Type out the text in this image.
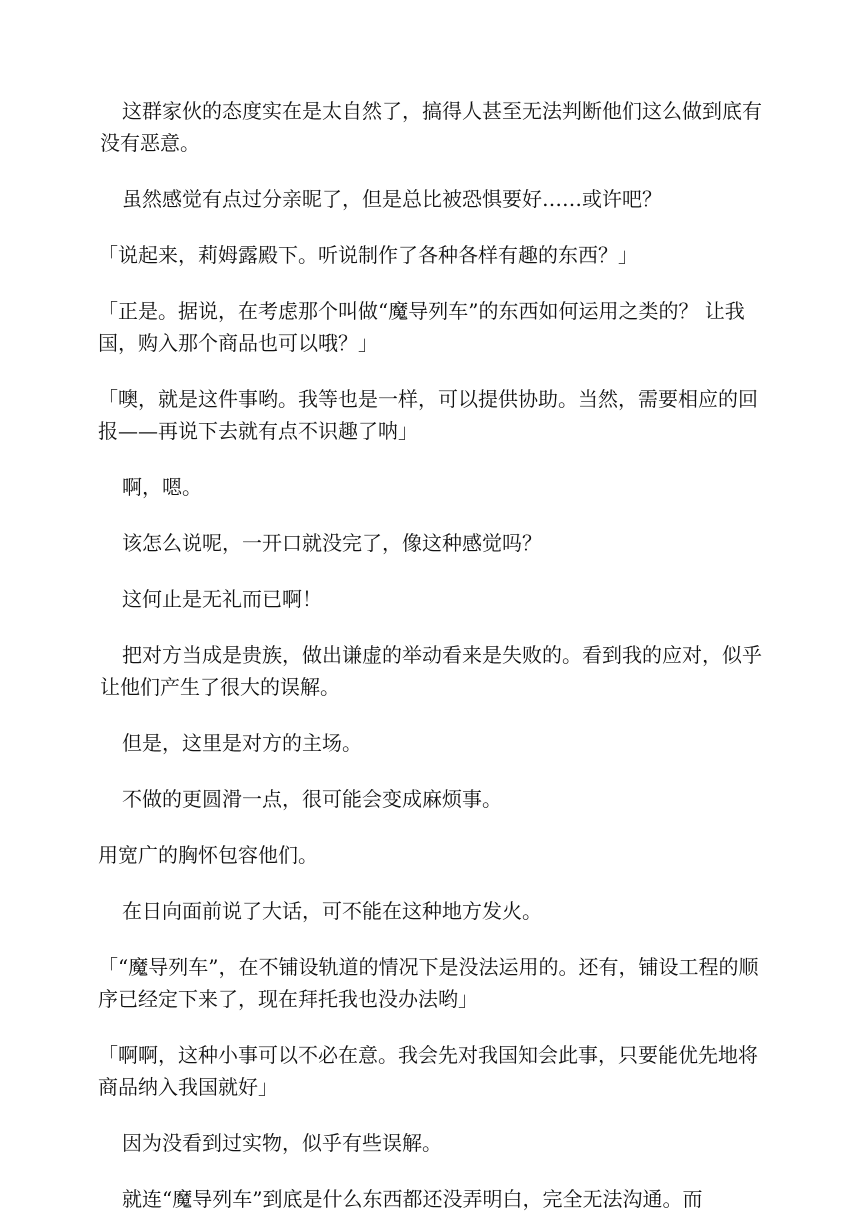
这群家伙的态度实在是太自然了，搞得人甚至无法判断他们这么做到底有没有恶意。

虽然感觉有点过分亲昵了，但是总比被恐惧要好……或许吧？

「说起来，莉姆露殿下。听说制作了各种各样有趣的东西？」

「正是。据说，在考虑那个叫做“魔导列车”的东西如何运用之类的？ 让我国，购入那个商品也可以哦？」

「噢，就是这件事哟。我等也是一样，可以提供协助。当然，需要相应的回报——再说下去就有点不识趣了呐」

啊，嗯。

该怎么说呢，一开口就没完了，像这种感觉吗？

这何止是无礼而已啊！

把对方当成是贵族，做出谦虚的举动看来是失败的。看到我的应对，似乎让他们产生了很大的误解。

但是，这里是对方的主场。

不做的更圆滑一点，很可能会变成麻烦事。

用宽广的胸怀包容他们。

在日向面前说了大话，可不能在这种地方发火。

「“魔导列车”，在不铺设轨道的情况下是没法运用的。还有，铺设工程的顺序已经定下来了，现在拜托我也没办法哟」

「啊啊，这种小事可以不必在意。我会先对我国知会此事，只要能优先地将商品纳入我国就好」

因为没看到过实物，似乎有些误解。

就连“魔导列车”到底是什么东西都还没弄明白，完全无法沟通。而
